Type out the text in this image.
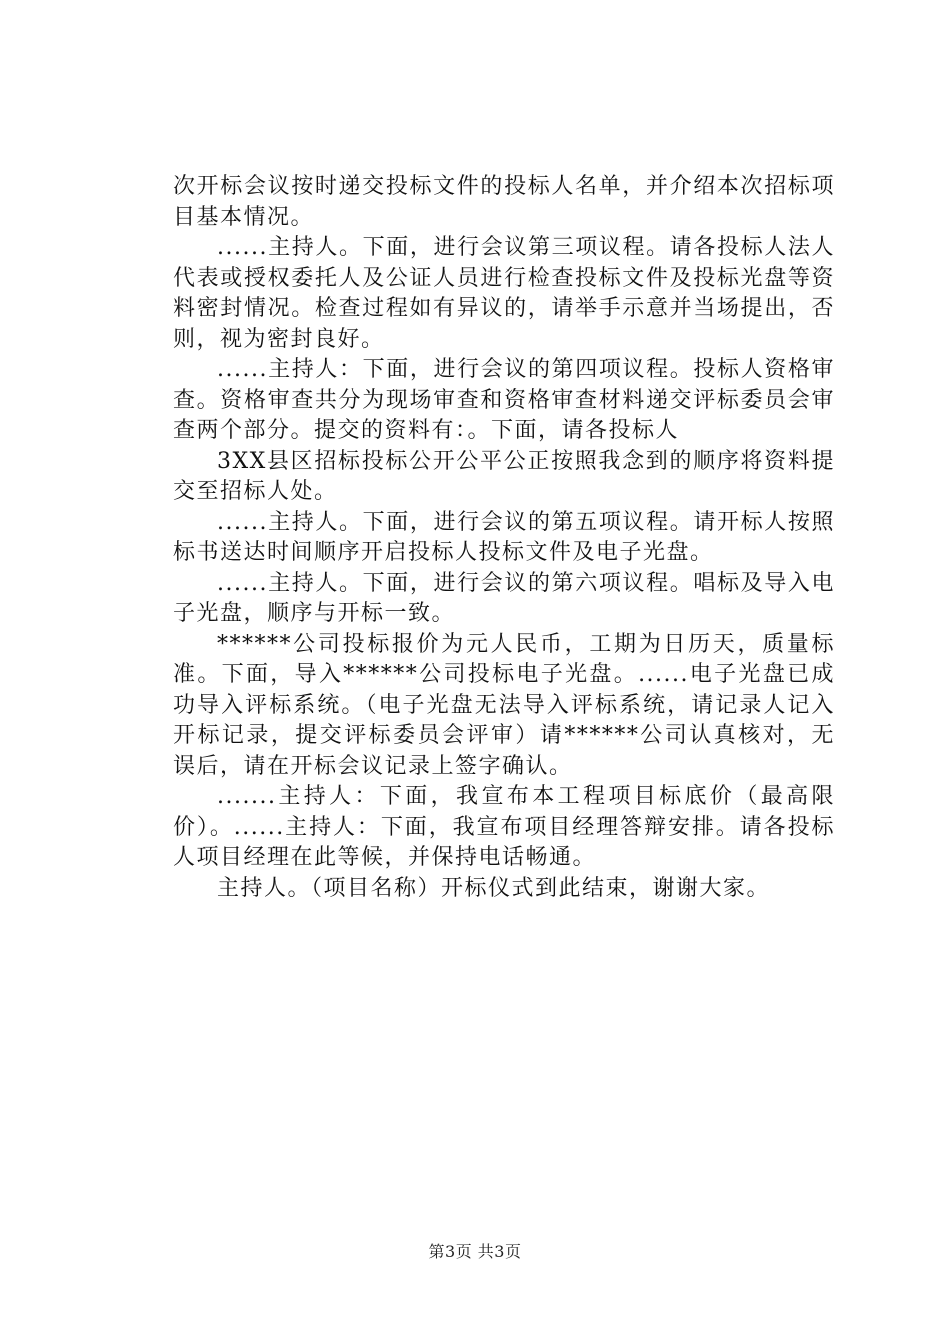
次开标会议按时递交投标文件的投标人名单，并介绍本次招标项目基本情况。

......主持人。下面，进行会议第三项议程。请各投标人法人代表或授权委托人及公证人员进行检查投标文件及投标光盘等资料密封情况。检查过程如有异议的，请举手示意并当场提出，否则，视为密封良好。

......主持人：下面，进行会议的第四项议程。投标人资格审查。资格审查共分为现场审查和资格审查材料递交评标委员会审查两个部分。提交的资料有：。下面，请各投标人

3XX县区招标投标公开公平公正按照我念到的顺序将资料提交至招标人处。

......主持人。下面，进行会议的第五项议程。请开标人按照标书送达时间顺序开启投标人投标文件及电子光盘。

......主持人。下面，进行会议的第六项议程。唱标及导入电子光盘，顺序与开标一致。

******公司投标报价为元人民币，工期为日历天，质量标准。下面，导入******公司投标电子光盘。......电子光盘已成功导入评标系统。（电子光盘无法导入评标系统，请记录人记入开标记录，提交评标委员会评审）请******公司认真核对，无误后，请在开标会议记录上签字确认。

.......主持人：下面，我宣布本工程项目标底价（最高限价）。......主持人：下面，我宣布项目经理答辩安排。请各投标人项目经理在此等候，并保持电话畅通。

主持人。（项目名称）开标仪式到此结束，谢谢大家。

第3页 共3页
